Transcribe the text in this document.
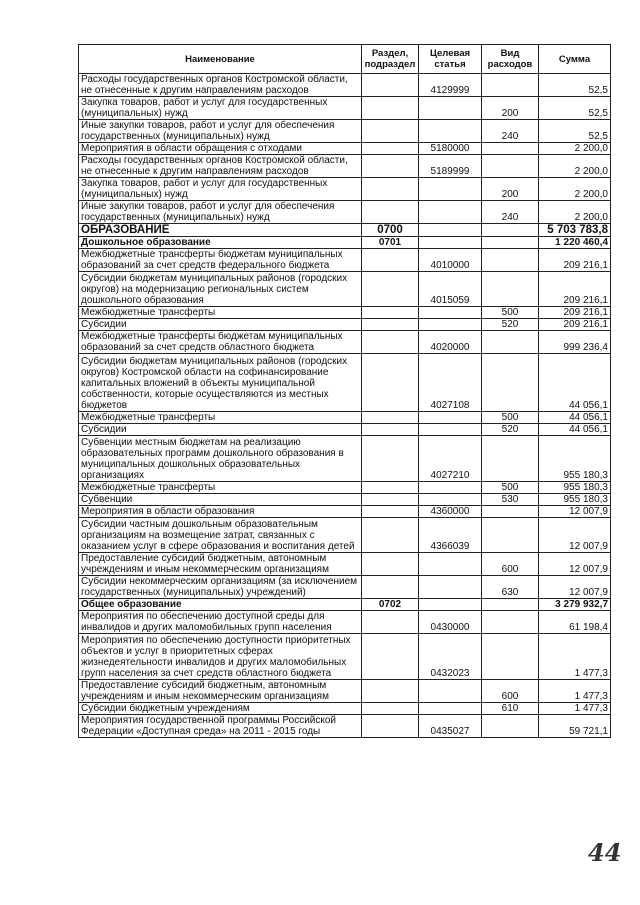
Наименование	Раздел, подраздел	Целевая статья	Вид расходов	Сумма
Расходы государственных органов Костромской области, не отнесенные к другим направлениям расходов		4129999		52,5
Закупка товаров, работ и услуг для государственных (муниципальных) нужд			200	52,5
Иные закупки товаров, работ и услуг для обеспечения государственных (муниципальных) нужд			240	52,5
Мероприятия в области обращения с отходами		5180000		2 200,0
Расходы государственных органов Костромской области, не отнесенные к другим направлениям расходов		5189999		2 200,0
Закупка товаров, работ и услуг для государственных (муниципальных) нужд			200	2 200,0
Иные закупки товаров, работ и услуг для обеспечения государственных (муниципальных) нужд			240	2 200,0
ОБРАЗОВАНИЕ	0700			5 703 783,8
Дошкольное образование	0701			1 220 460,4
Межбюджетные трансферты бюджетам муниципальных образований за счет средств федерального бюджета		4010000		209 216,1
Субсидии бюджетам муниципальных районов (городских округов) на модернизацию региональных систем дошкольного образования		4015059		209 216,1
Межбюджетные трансферты			500	209 216,1
Субсидии			520	209 216,1
Межбюджетные трансферты бюджетам муниципальных образований за счет средств областного бюджета		4020000		999 236,4
Субсидии бюджетам муниципальных районов (городских округов) Костромской области на софинансирование капитальных вложений в объекты муниципальной собственности, которые осуществляются из местных бюджетов		4027108		44 056,1
Межбюджетные трансферты			500	44 056,1
Субсидии			520	44 056,1
Субвенции местным бюджетам на реализацию образовательных программ дошкольного образования в муниципальных дошкольных образовательных организациях		4027210		955 180,3
Межбюджетные трансферты			500	955 180,3
Субвенции			530	955 180,3
Мероприятия в области образования		4360000		12 007,9
Субсидии частным дошкольным образовательным организациям на возмещение затрат, связанных с оказанием услуг в сфере образования и воспитания детей		4366039		12 007,9
Предоставление субсидий бюджетным, автономным учреждениям и иным некоммерческим организациям			600	12 007,9
Субсидии некоммерческим организациям (за исключением государственных (муниципальных) учреждений)			630	12 007,9
Общее образование	0702			3 279 932,7
Мероприятия по обеспечению доступной среды для инвалидов и других маломобильных групп населения		0430000		61 198,4
Мероприятия по обеспечению доступности приоритетных объектов и услуг в приоритетных сферах жизнедеятельности инвалидов и других маломобильных групп населения за счет средств областного бюджета		0432023		1 477,3
Предоставление субсидий бюджетным, автономным учреждениям и иным некоммерческим организациям			600	1 477,3
Субсидии бюджетным учреждениям			610	1 477,3
Мероприятия государственной программы Российской Федерации «Доступная среда» на 2011 - 2015 годы		0435027		59 721,1
44
